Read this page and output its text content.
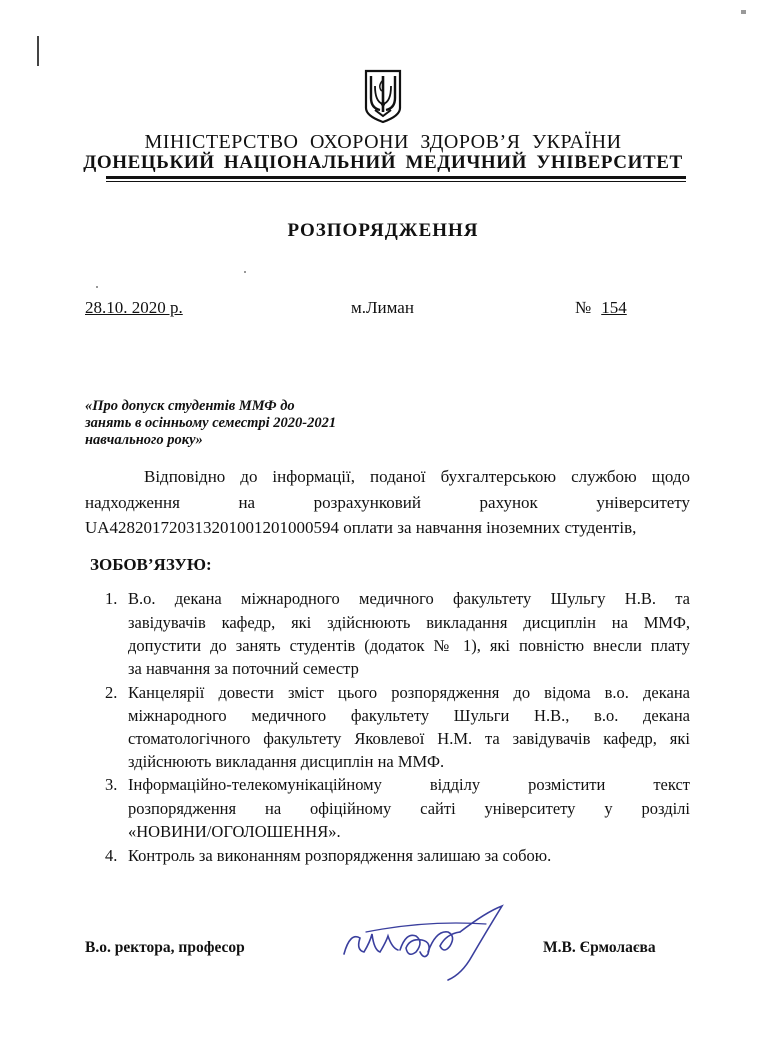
МІНІСТЕРСТВО ОХОРОНИ ЗДОРОВ’Я УКРАЇНИ
ДОНЕЦЬКИЙ НАЦІОНАЛЬНИЙ МЕДИЧНИЙ УНІВЕРСИТЕТ
РОЗПОРЯДЖЕННЯ
28.10. 2020 р.	м.Лиман	№ 154
«Про допуск студентів ММФ до
занять в осінньому семестрі 2020-2021
навчального року»
Відповідно до інформації, поданої бухгалтерською службою щодо
надходження на розрахунковий рахунок університету
UA428201720313201001201000594 оплати за навчання іноземних студентів,
ЗОБОВ’ЯЗУЮ:
1. В.о. декана міжнародного медичного факультету Шульгу Н.В. та
завідувачів кафедр, які здійснюють викладання дисциплін на ММФ,
допустити до занять студентів (додаток № 1), які повністю внесли плату
за навчання за поточний семестр
2. Канцелярії довести зміст цього розпорядження до відома в.о. декана
міжнародного медичного факультету Шульги Н.В., в.о. декана
стоматологічного факультету Яковлевої Н.М. та завідувачів кафедр, які
здійснюють викладання дисциплін на ММФ.
3. Інформаційно-телекомунікаційному відділу розмістити текст
розпорядження на офіційному сайті університету у розділі
«НОВИНИ/ОГОЛОШЕННЯ».
4. Контроль за виконанням розпорядження залишаю за собою.
В.о. ректора, професор	М.В. Єрмолаєва
